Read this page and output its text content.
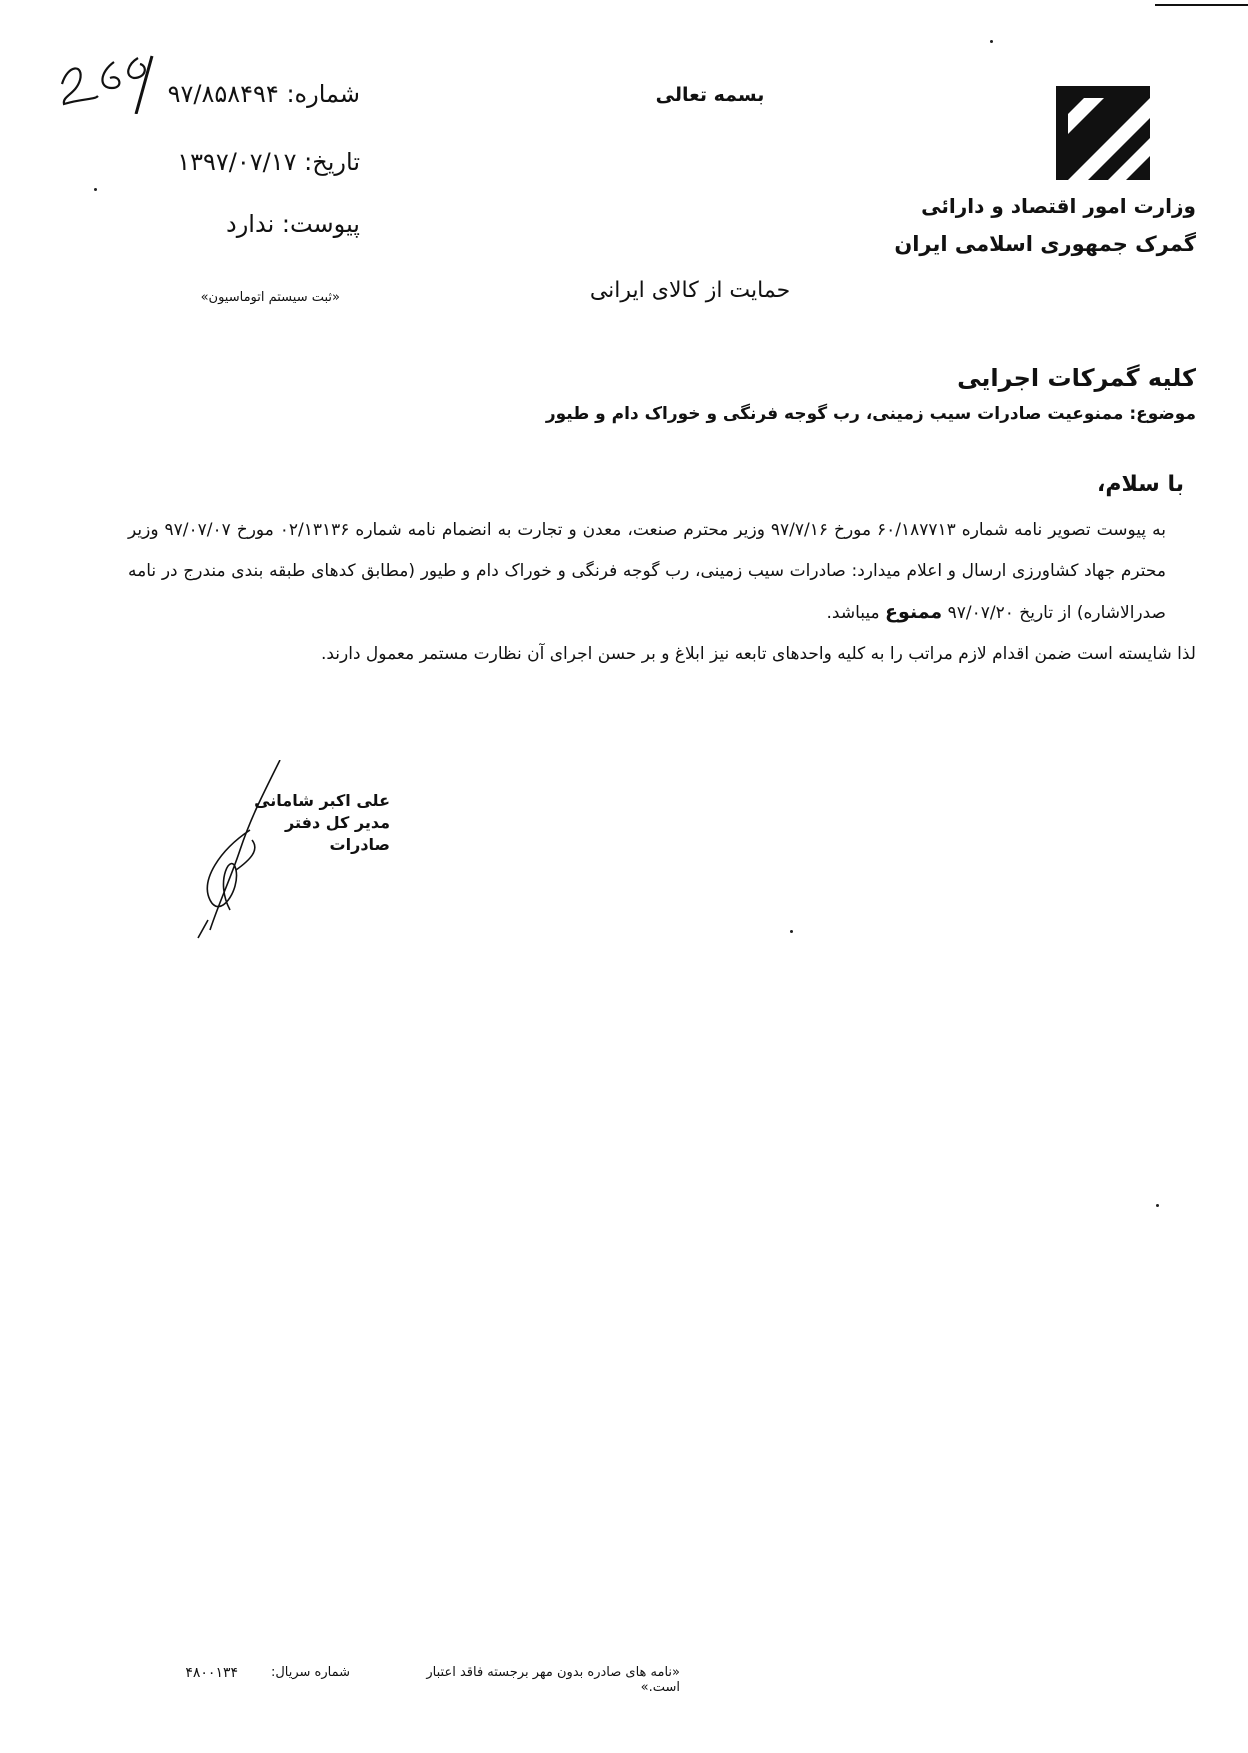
وزارت امور اقتصاد و دارائی
گمرک جمهوری اسلامی ایران
بسمه تعالی
حمایت از کالای ایرانی
شماره: ۹۷/۸۵۸۴۹۴
تاریخ: ۱۳۹۷/۰۷/۱۷
پیوست: ندارد
«ثبت سیستم اتوماسیون»
کلیه گمرکات اجرایی
موضوع: ممنوعیت صادرات سیب زمینی، رب گوجه فرنگی و خوراک دام و طیور
با سلام،

به پیوست تصویر نامه شماره ۶۰/۱۸۷۷۱۳ مورخ ۹۷/۷/۱۶ وزیر محترم صنعت، معدن و تجارت به انضمام نامه شماره ۰۲/۱۳۱۳۶ مورخ ۹۷/۰۷/۰۷ وزیر محترم جهاد کشاورزی ارسال و اعلام میدارد: صادرات سیب زمینی، رب گوجه فرنگی و خوراک دام و طیور (مطابق کدهای طبقه بندی مندرج در نامه صدرالاشاره) از تاریخ ۹۷/۰۷/۲۰ ممنوع میباشد.

لذا شایسته است ضمن اقدام لازم مراتب را به کلیه واحدهای تابعه نیز ابلاغ و بر حسن اجرای آن نظارت مستمر معمول دارند.

علی اکبر شامانی
مدیر کل دفتر صادرات
«نامه های صادره بدون مهر برجسته فاقد اعتبار است.»
شماره سریال:
۴۸۰۰۱۳۴
